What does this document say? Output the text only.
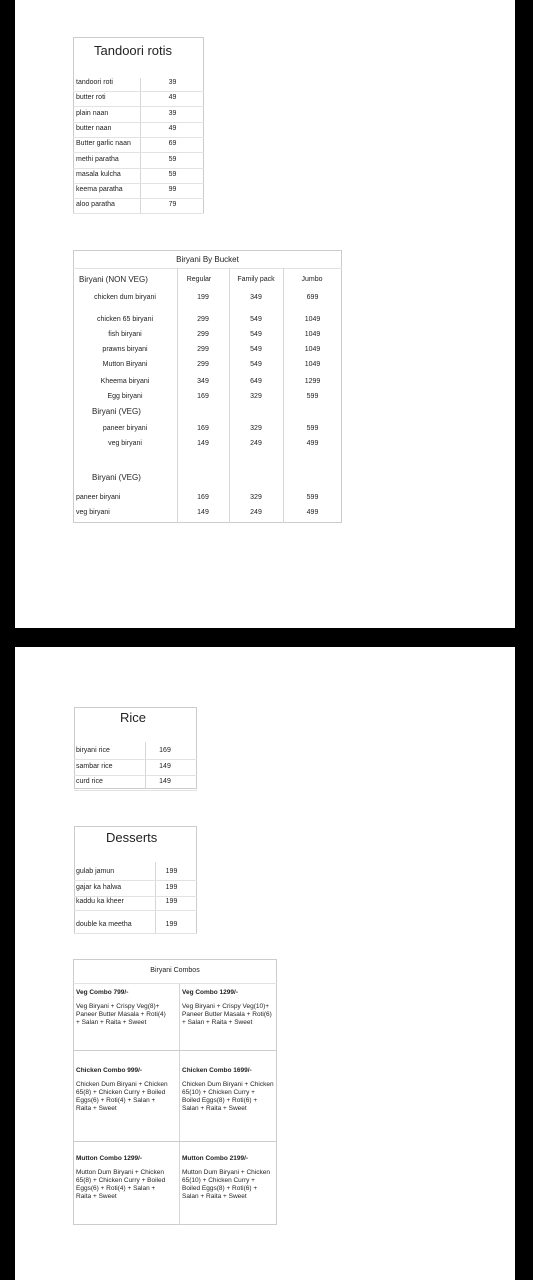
Tandoori rotis
Biryani By Bucket
Biryani (NON VEG)	Regular	Family pack	Jumbo
Biryani (VEG)
Biryani (VEG)
tandoori roti	39
butter roti	49
plain naan	39
butter naan	49
Butter garlic naan	69
methi paratha	59
masala kulcha	59
keema paratha	99
aloo paratha	79
chicken dum biryani	199	349	699
chicken 65 biryani	299	549	1049
fish biryani	299	549	1049
prawns biryani	299	549	1049
Mutton Biryani	299	549	1049
Kheema biryani	349	649	1299
Egg biryani	169	329	599
paneer biryani	169	329	599
veg biryani	149	249	499
paneer biryani	169	329	599
veg biryani	149	249	499
Rice
Desserts
Biryani Combos
biryani rice	169
sambar rice	149
curd rice	149
gulab jamun	199
gajar ka halwa	199
kaddu ka kheer	199
double ka meetha	199
Veg Combo 799/-
Veg Biryani + Crispy Veg(8)+ Paneer Butter Masala + Roti(4) + Salan + Raita + Sweet
Veg Combo 1299/-
Veg Biryani + Crispy Veg(10)+ Paneer Butter Masala + Roti(6) + Salan + Raita + Sweet
Chicken Combo 999/-
Chicken Dum Biryani + Chicken 65(8) + Chicken Curry + Boiled Eggs(6) + Roti(4) + Salan + Raita + Sweet
Chicken Combo 1699/-
Chicken Dum Biryani + Chicken 65(10) + Chicken Curry + Boiled Eggs(8) + Roti(6) + Salan + Raita + Sweet
Mutton Combo 1299/-
Mutton Dum Biryani + Chicken 65(8) + Chicken Curry + Boiled Eggs(6) + Roti(4) + Salan + Raita + Sweet
Mutton Combo 2199/-
Mutton Dum Biryani + Chicken 65(10) + Chicken Curry + Boiled Eggs(8) + Roti(6) + Salan + Raita + Sweet
